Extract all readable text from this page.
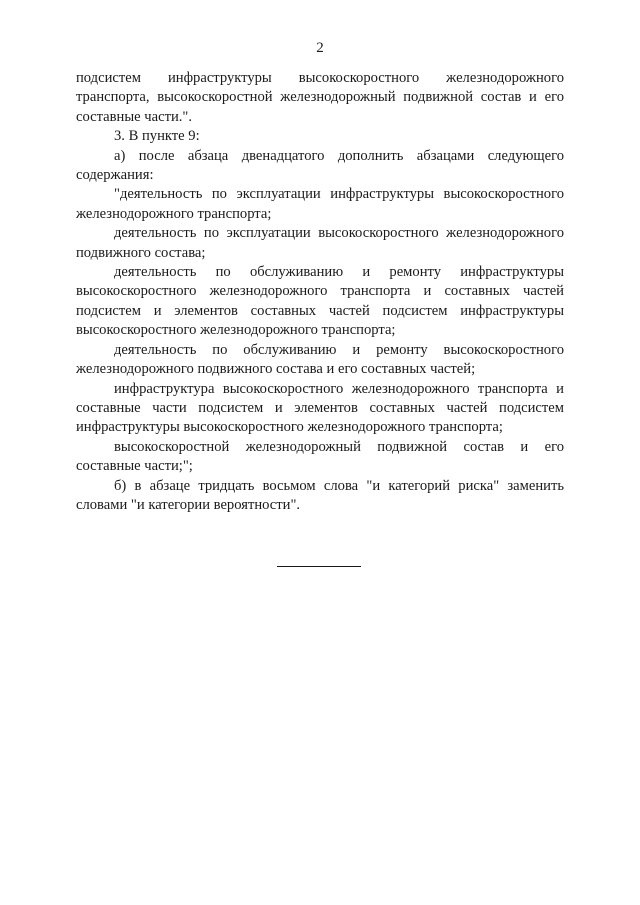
2

подсистем инфраструктуры высокоскоростного железнодорожного транспорта, высокоскоростной железнодорожный подвижной состав и его составные части.".

3. В пункте 9:

а) после абзаца двенадцатого дополнить абзацами следующего содержания:

"деятельность по эксплуатации инфраструктуры высокоскоростного железнодорожного транспорта;

деятельность по эксплуатации высокоскоростного железнодорожного подвижного состава;

деятельность по обслуживанию и ремонту инфраструктуры высокоскоростного железнодорожного транспорта и составных частей подсистем и элементов составных частей подсистем инфраструктуры высокоскоростного железнодорожного транспорта;

деятельность по обслуживанию и ремонту высокоскоростного железнодорожного подвижного состава и его составных частей;

инфраструктура высокоскоростного железнодорожного транспорта и составные части подсистем и элементов составных частей подсистем инфраструктуры высокоскоростного железнодорожного транспорта;

высокоскоростной железнодорожный подвижной состав и его составные части;";

б) в абзаце тридцать восьмом слова "и категорий риска" заменить словами "и категории вероятности".
